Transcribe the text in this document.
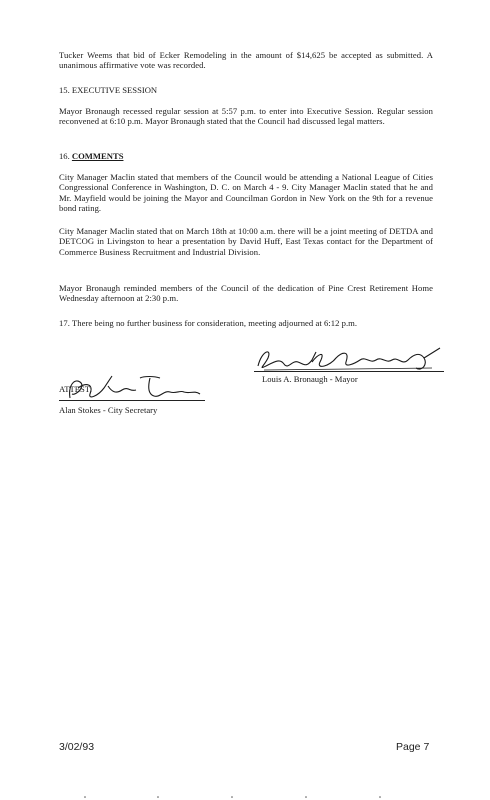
Tucker Weems that bid of Ecker Remodeling in the amount of $14,625 be accepted as submitted. A unanimous affirmative vote was recorded.

15. EXECUTIVE SESSION

Mayor Bronaugh recessed regular session at 5:57 p.m. to enter into Executive Session. Regular session reconvened at 6:10 p.m. Mayor Bronaugh stated that the Council had discussed legal matters.

16. COMMENTS

City Manager Maclin stated that members of the Council would be attending a National League of Cities Congressional Conference in Washington, D. C. on March 4 - 9. City Manager Maclin stated that he and Mr. Mayfield would be joining the Mayor and Councilman Gordon in New York on the 9th for a revenue bond rating.

City Manager Maclin stated that on March 18th at 10:00 a.m. there will be a joint meeting of DETDA and DETCOG in Livingston to hear a presentation by David Huff, East Texas contact for the Department of Commerce Business Recruitment and Industrial Division.

Mayor Bronaugh reminded members of the Council of the dedication of Pine Crest Retirement Home Wednesday afternoon at 2:30 p.m.

17. There being no further business for consideration, meeting adjourned at 6:12 p.m.

Louis A. Bronaugh - Mayor
ATTEST:
Alan Stokes - City Secretary
3/02/93	Page 7
